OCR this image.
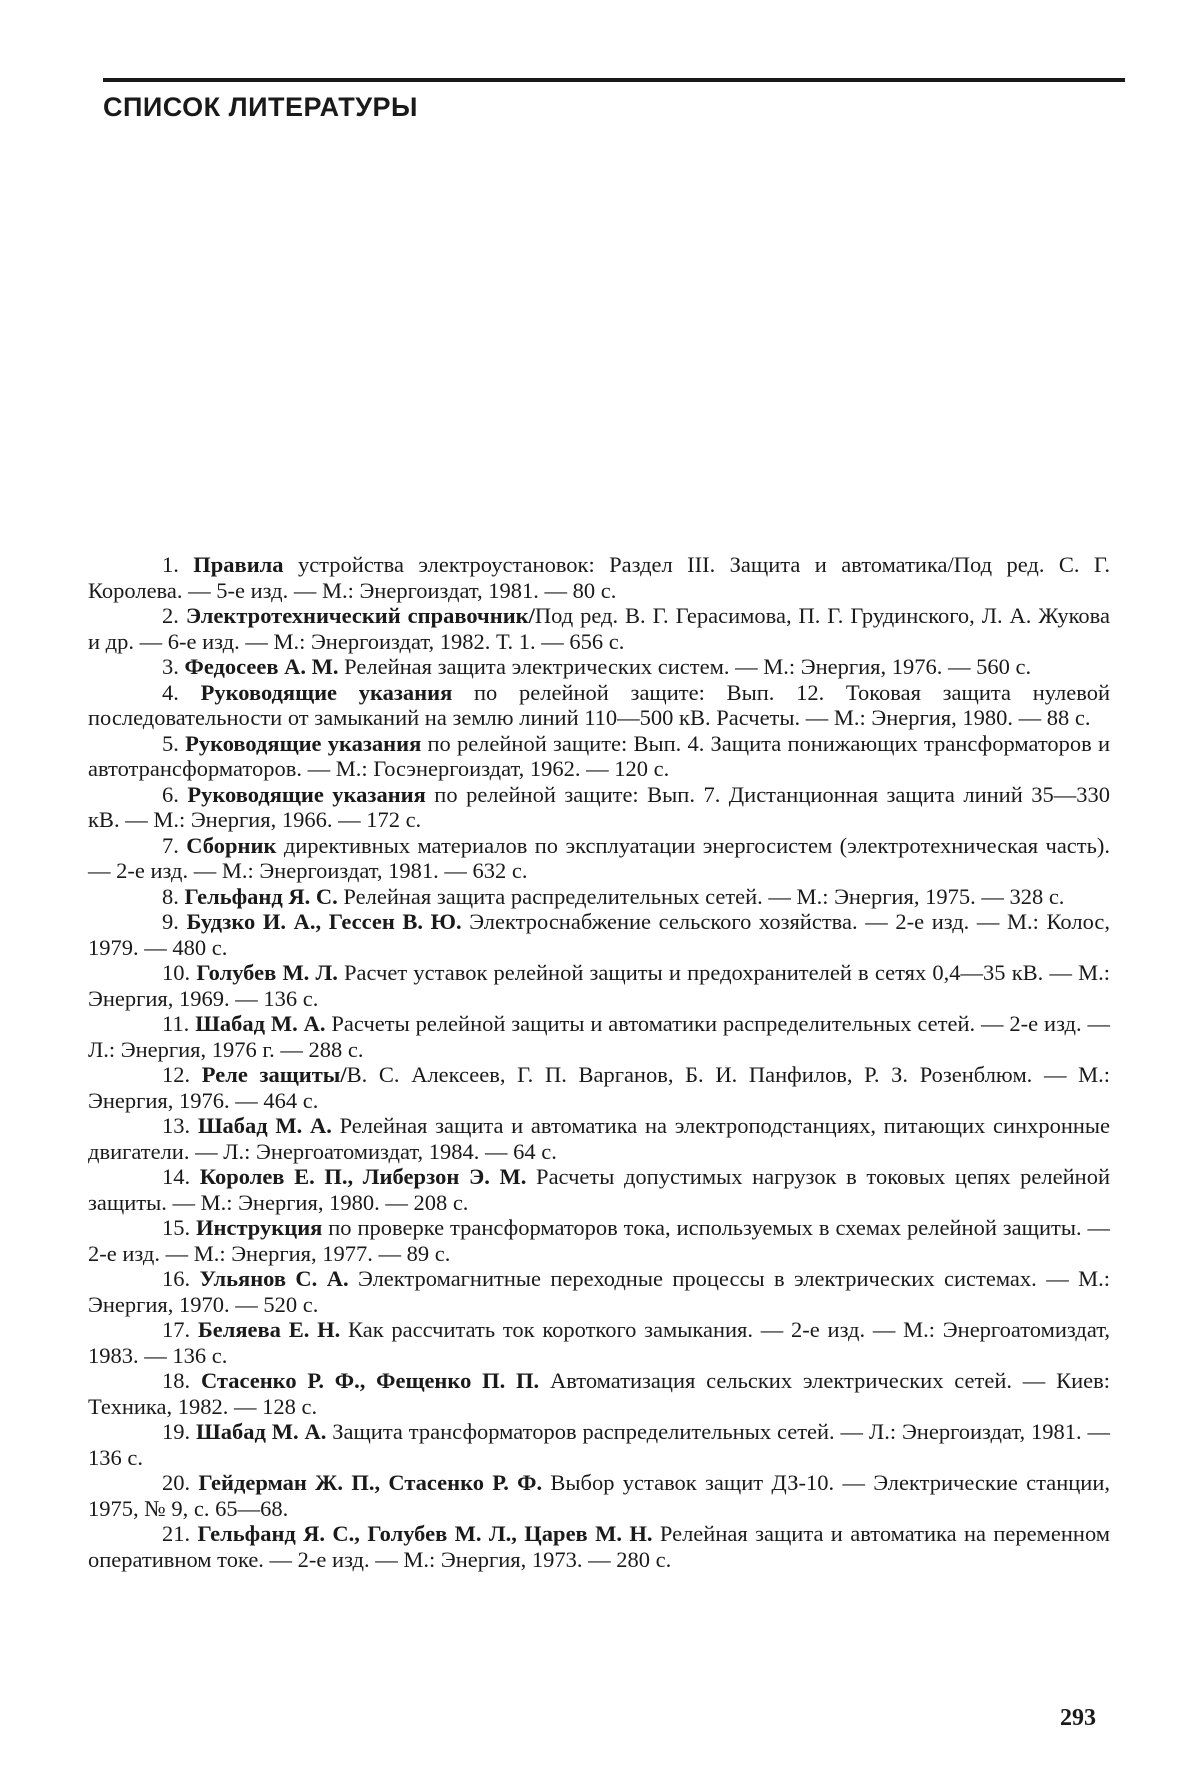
СПИСОК ЛИТЕРАТУРЫ

1. Правила устройства электроустановок: Раздел III. Защита и автоматика/Под ред. С. Г. Королева. — 5-е изд. — М.: Энергоиздат, 1981. — 80 с.

2. Электротехнический справочник/Под ред. В. Г. Герасимова, П. Г. Грудинского, Л. А. Жукова и др. — 6-е изд. — М.: Энергоиздат, 1982. Т. 1. — 656 с.

3. Федосеев А. М. Релейная защита электрических систем. — М.: Энергия, 1976. — 560 с.

4. Руководящие указания по релейной защите: Вып. 12. Токовая защита нулевой последовательности от замыканий на землю линий 110—500 кВ. Расчеты. — М.: Энергия, 1980. — 88 с.

5. Руководящие указания по релейной защите: Вып. 4. Защита понижающих трансформаторов и автотрансформаторов. — М.: Госэнергоиздат, 1962. — 120 с.

6. Руководящие указания по релейной защите: Вып. 7. Дистанционная защита линий 35—330 кВ. — М.: Энергия, 1966. — 172 с.

7. Сборник директивных материалов по эксплуатации энергосистем (электротехническая часть). — 2-е изд. — М.: Энергоиздат, 1981. — 632 с.

8. Гельфанд Я. С. Релейная защита распределительных сетей. — М.: Энергия, 1975. — 328 с.

9. Будзко И. А., Гессен В. Ю. Электроснабжение сельского хозяйства. — 2-е изд. — М.: Колос, 1979. — 480 с.

10. Голубев М. Л. Расчет уставок релейной защиты и предохранителей в сетях 0,4—35 кВ. — М.: Энергия, 1969. — 136 с.

11. Шабад М. А. Расчеты релейной защиты и автоматики распределительных сетей. — 2-е изд. — Л.: Энергия, 1976 г. — 288 с.

12. Реле защиты/В. С. Алексеев, Г. П. Варганов, Б. И. Панфилов, Р. З. Розенблюм. — М.: Энергия, 1976. — 464 с.

13. Шабад М. А. Релейная защита и автоматика на электроподстанциях, питающих синхронные двигатели. — Л.: Энергоатомиздат, 1984. — 64 с.

14. Королев Е. П., Либерзон Э. М. Расчеты допустимых нагрузок в токовых цепях релейной защиты. — М.: Энергия, 1980. — 208 с.

15. Инструкция по проверке трансформаторов тока, используемых в схемах релейной защиты. — 2-е изд. — М.: Энергия, 1977. — 89 с.

16. Ульянов С. А. Электромагнитные переходные процессы в электрических системах. — М.: Энергия, 1970. — 520 с.

17. Беляева Е. Н. Как рассчитать ток короткого замыкания. — 2-е изд. — М.: Энергоатомиздат, 1983. — 136 с.

18. Стасенко Р. Ф., Фещенко П. П. Автоматизация сельских электрических сетей. — Киев: Техника, 1982. — 128 с.

19. Шабад М. А. Защита трансформаторов распределительных сетей. — Л.: Энергоиздат, 1981. — 136 с.

20. Гейдерман Ж. П., Стасенко Р. Ф. Выбор уставок защит ДЗ-10. — Электрические станции, 1975, № 9, с. 65—68.

21. Гельфанд Я. С., Голубев М. Л., Царев М. Н. Релейная защита и автоматика на переменном оперативном токе. — 2-е изд. — М.: Энергия, 1973. — 280 с.

293
